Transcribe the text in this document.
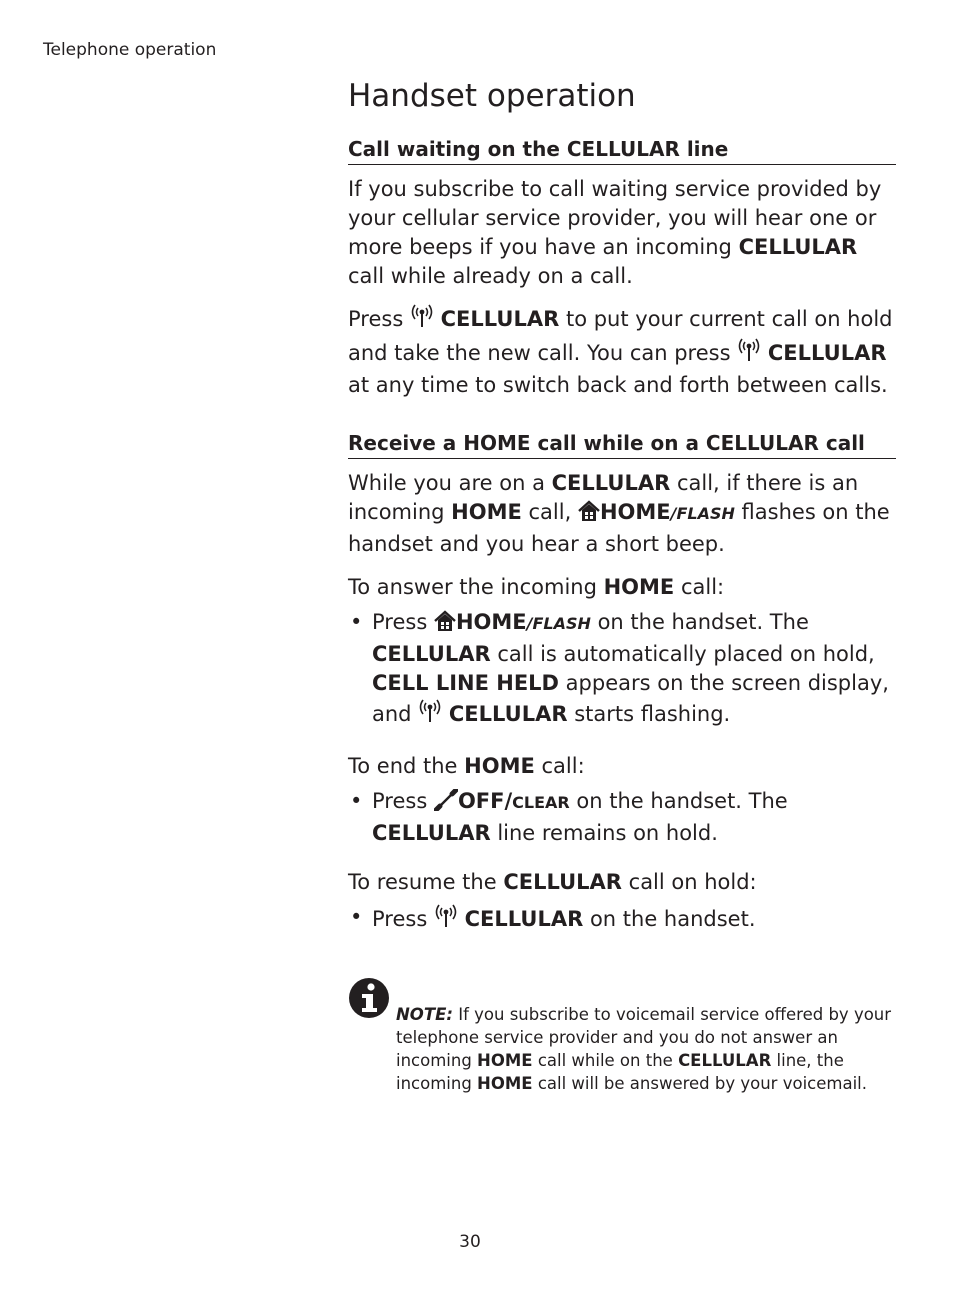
Telephone operation
Handset operation
Call waiting on the CELLULAR line

If you subscribe to call waiting service provided by your cellular service provider, you will hear one or more beeps if you have an incoming CELLULAR call while already on a call.

Press  CELLULAR to put your current call on hold and take the new call. You can press  CELLULAR at any time to switch back and forth between calls.

Receive a HOME call while on a CELLULAR call

While you are on a CELLULAR call, if there is an incoming HOME call, HOME/FLASH flashes on the handset and you hear a short beep.

To answer the incoming HOME call:

• Press HOME/FLASH on the handset. The CELLULAR call is automatically placed on hold, CELL LINE HELD appears on the screen display, and  CELLULAR starts flashing.

To end the HOME call:

• Press OFF/CLEAR on the handset. The CELLULAR line remains on hold.

To resume the CELLULAR call on hold:

• Press  CELLULAR on the handset.
NOTE: If you subscribe to voicemail service offered by your telephone service provider and you do not answer an incoming HOME call while on the CELLULAR line, the incoming HOME call will be answered by your voicemail.
30
